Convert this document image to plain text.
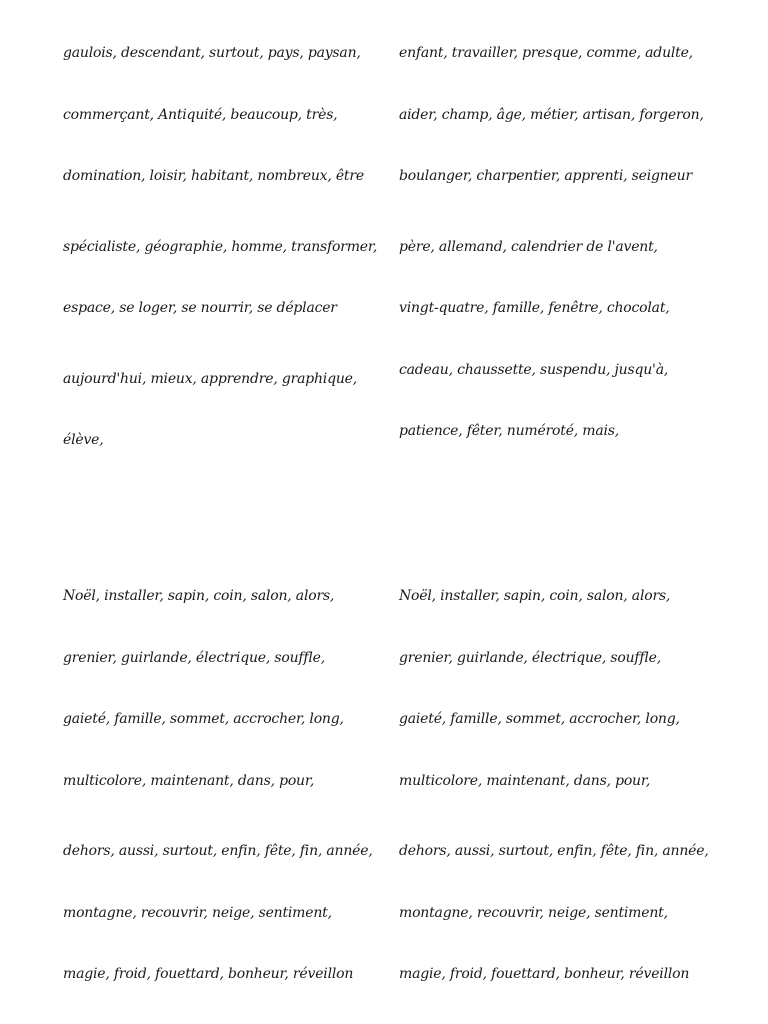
gaulois, descendant, surtout, pays, paysan,
commerçant, Antiquité, beaucoup, très,
domination, loisir, habitant, nombreux, être
spécialiste, géographie, homme, transformer,
espace, se loger, se nourrir, se déplacer
aujourd'hui, mieux, apprendre, graphique,
élève,
enfant, travailler, presque, comme, adulte,
aider, champ, âge, métier, artisan, forgeron,
boulanger, charpentier, apprenti, seigneur
père, allemand, calendrier de l'avent,
vingt-quatre, famille, fenêtre, chocolat,
cadeau, chaussette, suspendu, jusqu'à,
patience, fêter, numéroté, mais,
Noël, installer, sapin, coin, salon, alors,
grenier, guirlande, électrique, souffle,
gaieté, famille, sommet, accrocher, long,
multicolore, maintenant, dans, pour,
dehors, aussi, surtout, enfin, fête, fin, année,
montagne, recouvrir, neige, sentiment,
magie, froid, fouettard, bonheur, réveillon
Noël, installer, sapin, coin, salon, alors,
grenier, guirlande, électrique, souffle,
gaieté, famille, sommet, accrocher, long,
multicolore, maintenant, dans, pour,
dehors, aussi, surtout, enfin, fête, fin, année,
montagne, recouvrir, neige, sentiment,
magie, froid, fouettard, bonheur, réveillon
